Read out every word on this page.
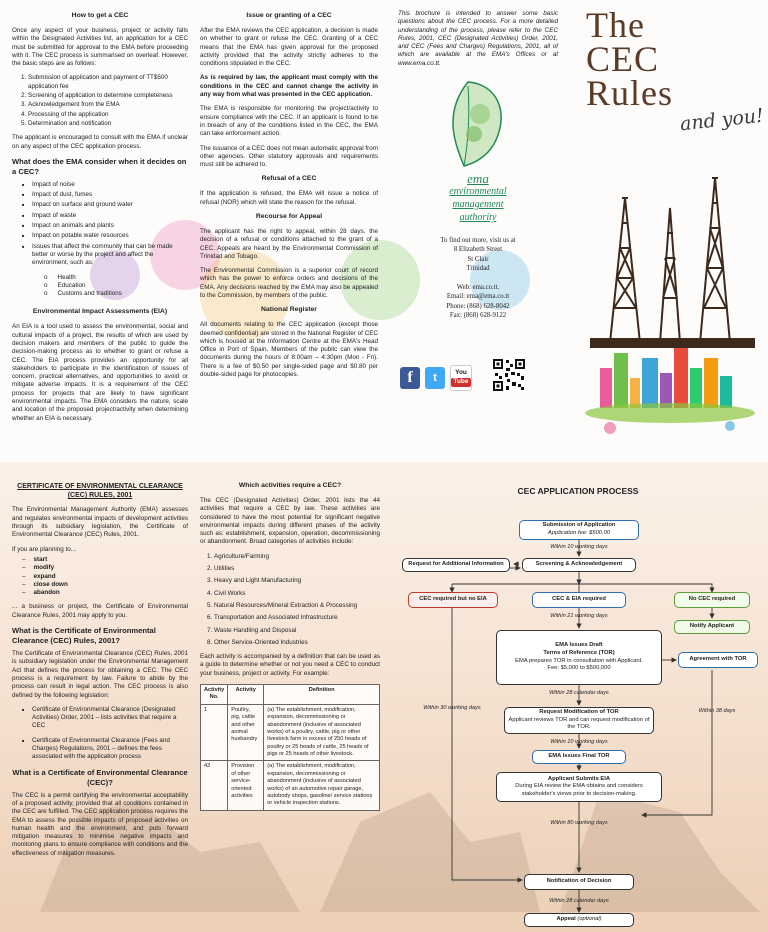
How to get a CEC

Once any aspect of your business, project or activity falls within the Designated Activities list, an application for a CEC must be submitted for approval to the EMA before proceeding with it. The CEC process is summarised on overleaf. However, the basic steps are as follows:

1. Submission of application and payment of TT$500 application fee
2. Screening of application to determine completeness
3. Acknowledgement from the EMA
4. Processing of the application
5. Determination and notification

The applicant is encouraged to consult with the EMA if unclear on any aspect of the CEC application process.

What does the EMA consider when it decides on a CEC?
■ Impact of noise
■ Impact of dust, fumes
■ Impact on surface and ground water
■ Impact of waste
■ Impact on animals and plants
■ Impact on potable water resources
■ Issues that affect the community that can be made better or worse by the project and affect the environment, such as:
o Health
o Education
o Customs and traditions
Environmental Impact Assessments (EIA)

An EIA is a tool used to assess the environmental, social and cultural impacts of a project, the results of which are used by decision makers and members of the public to guide the decision-making process as to whether to grant or refuse a CEC. The EIA process provides an opportunity for all stakeholders to participate in the identification of issues of concern, practical alternatives, and opportunities to avoid or mitigate adverse impacts. It is a requirement of the CEC process for projects that are likely to have significant environmental impacts. The EMA considers the nature, scale and location of the proposed project/activity when determining whether an EIA is necessary.

Issue or granting of a CEC

After the EMA reviews the CEC application, a decision is made on whether to grant or refuse the CEC. Granting of a CEC means that the EMA has given approval for the proposed activity provided that the activity strictly adheres to the conditions stipulated in the CEC.

As is required by law, the applicant must comply with the conditions in the CEC and cannot change the activity in any way from what was presented in the CEC application.

The EMA is responsible for monitoring the project/activity to ensure compliance with the CEC. If an applicant is found to be in breach of any of the conditions listed in the CEC, the EMA can take enforcement action.

The issuance of a CEC does not mean automatic approval from other agencies. Other statutory approvals and requirements must still be adhered to.

Refusal of a CEC

If the application is refused, the EMA will issue a notice of refusal (NOR) which will state the reason for the refusal.

Recourse for Appeal

The applicant has the right to appeal, within 28 days, the decision of a refusal or conditions attached to the grant of a CEC. Appeals are heard by the Environmental Commission of Trinidad and Tobago.

The Environmental Commission is a superior court of record which has the power to enforce orders and decisions of the EMA. Any decisions reached by the EMA may also be appealed to the Commission, by members of the public.

National Register

All documents relating to the CEC application (except those deemed confidential) are stored in the National Register of CEC which is housed at the Information Centre at the EMA's Head Office in Port of Spain. Members of the public can view the documents during the hours of 8:00am – 4:30pm (Mon - Fri). There is a fee of $0.50 per single-sided page and $0.80 per double-sided page for photocopies.

This brochure is intended to answer some basic questions about the CEC process. For a more detailed understanding of the process, please refer to the CEC Rules, 2001, CEC (Designated Activities) Order, 2001, and CEC (Fees and Charges) Regulations, 2001, all of which are available at the EMA's Offices or at www.ema.co.tt.

ema
environmental
management
authority
To find out more, visit us at
8 Elizabeth Street
St Clair
Trinidad
Web: ema.co.tt.
Email: ema@ema.co.tt
Phone: (868) 628-8042
Fax: (868) 628-9122
f	t	You
Tube
The
CEC
Rules
and you!
CERTIFICATE OF ENVIRONMENTAL CLEARANCE (CEC) RULES, 2001

The Environmental Management Authority (EMA) assesses and regulates environmental impacts of development activities through its subsidiary legislation, the Certificate of Environmental Clearance (CEC) Rules, 2001.

If you are planning to...

– start
– modify
– expand
– close down
– abandon

... a business or project, the Certificate of Environmental Clearance Rules, 2001 may apply to you.

What is the Certificate of Environmental Clearance (CEC) Rules, 2001?

The Certificate of Environmental Clearance (CEC) Rules, 2001 is subsidiary legislation under the Environmental Management Act that defines the process for obtaining a CEC. The CEC process is a requirement by law. Failure to abide by the process can result in legal action. The CEC process is also defined by the following legislation:

■ Certificate of Environmental Clearance (Designated Activities) Order, 2001 – lists activities that require a CEC
■ Certificate of Environmental Clearance (Fees and Charges) Regulations, 2001 – defines the fees associated with the application process
What is a Certificate of Environmental Clearance (CEC)?

The CEC is a permit certifying the environmental acceptability of a proposed activity, provided that all conditions contained in the CEC are fulfilled. The CEC application process requires the EMA to assess the possible impacts of proposed activities on human health and the environment, and puts forward mitigation measures to minimise negative impacts and monitoring plans to ensure compliance with conditions and the effectiveness of mitigation measures.

Which activities require a CEC?

The CEC (Designated Activities) Order, 2001 lists the 44 activities that require a CEC by law. These activities are considered to have the most potential for significant negative environmental impacts during different phases of the activity such as: establishment, expansion, operation, decommissioning or abandonment. Broad categories of activities include:

1. Agriculture/Farming
2. Utilities
3. Heavy and Light Manufacturing
4. Civil Works
5. Natural Resources/Mineral Extraction & Processing
6. Transportation and Associated Infrastructure
7. Waste Handling and Disposal
8. Other Service-Oriented Industries

Each activity is accompanied by a definition that can be used as a guide to determine whether or not you need a CEC to conduct your business, project or activity. For example:

Activity No.	Activity	Definition
1	Poultry, pig, cattle and other animal husbandry	(a) The establishment, modification, expansion, decommissioning or abandonment (inclusive of associated works) of a poultry, cattle, pig or other livestock farm in excess of 250 heads of poultry or 25 heads of cattle, 25 heads of pigs or 25 heads of other livestock.
43	Provision of other service-oriented activities	(a) The establishment, modification, expansion, decommissioning or abandonment (inclusive of associated works) of an automotive repair garage, autobody shops, gasoline/ service stations or vehicle inspection stations.
CEC APPLICATION PROCESS
Submission of Application
Application fee: $500.00
Within 10 working days
Request for Additional Information	Screening & Acknowledgement
CEC required but no EIA	CEC & EIA required	No CEC required
Notify Applicant
Within 21 working days
EMA Issues Draft
Terms of Reference (TOR)
EMA prepares TOR in consultation with Applicant.
Fee: $5,000 to $500,000
Agreement with TOR
Within 28 calendar days
Within 30 working days	Within 38 days
Request Modification of TOR
Applicant reviews TOR and can request modification of the TOR.
Within 10 working days
EMA Issues Final TOR
Applicant Submits EIA
During EIA review the EMA obtains and considers stakeholder's views prior to decision-making.
Within 80 working days
Notification of Decision
Within 28 calendar days
Appeal (optional)
